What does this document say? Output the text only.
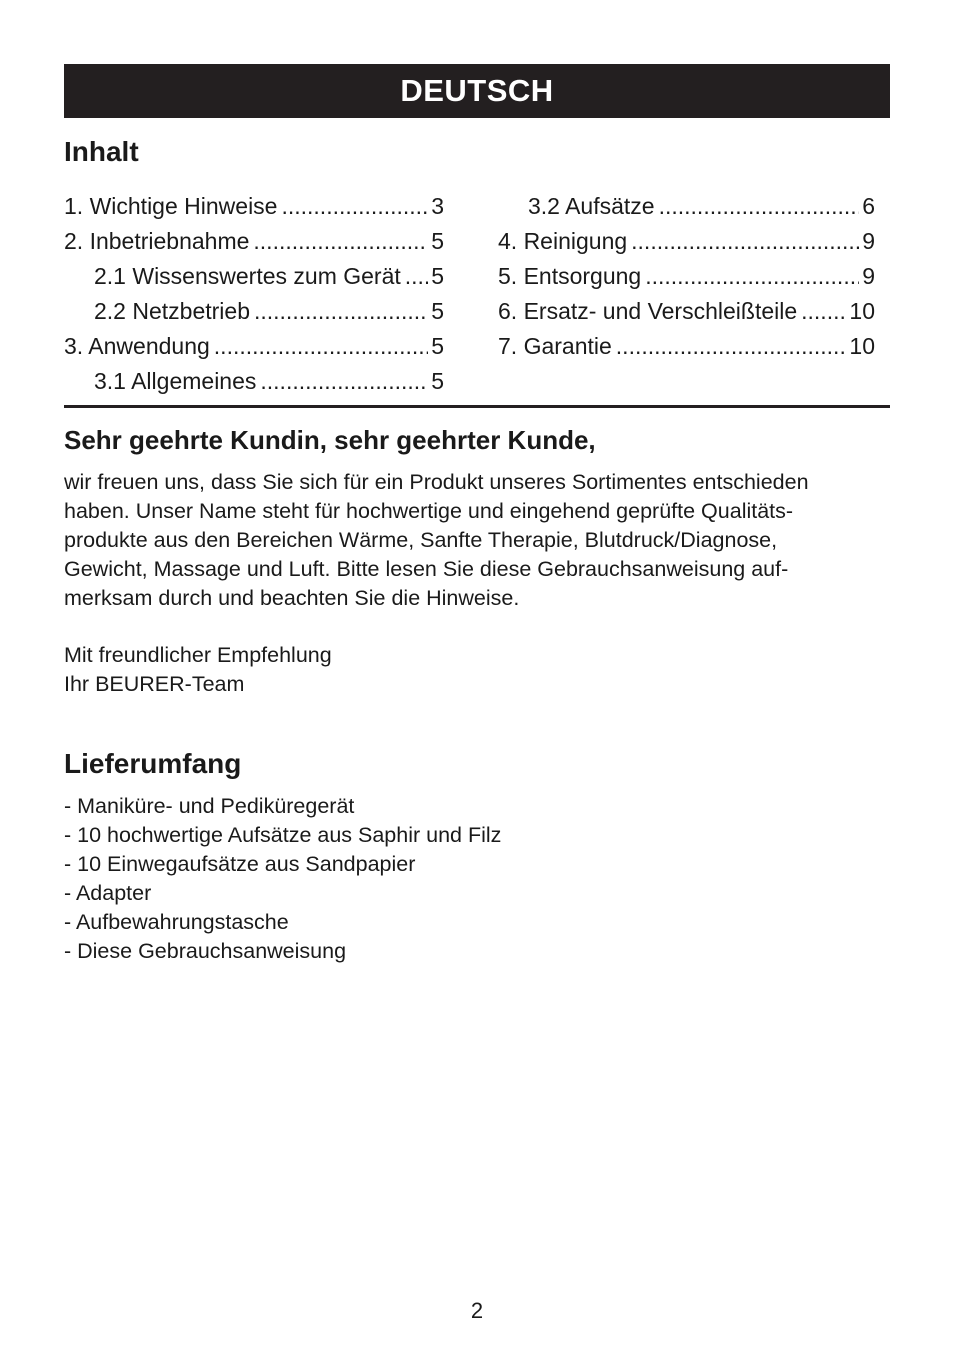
DEUTSCH
Inhalt
1. Wichtige Hinweise .....	3
2. Inbetriebnahme .....	5
2.1 Wissenswertes zum Gerät ..... 5
2.2 Netzbetrieb .....	5
3. Anwendung .....	5
3.1 Allgemeines .....	5
3.2 Aufsätze .....	6
4. Reinigung .....	9
5. Entsorgung .....	9
6. Ersatz- und Verschleißteile ..... 10
7. Garantie .....	10
Sehr geehrte Kundin, sehr geehrter Kunde,
wir freuen uns, dass Sie sich für ein Produkt unseres Sortimentes entschieden
haben. Unser Name steht für hochwertige und eingehend geprüfte Qualitäts-
produkte aus den Bereichen Wärme, Sanfte Therapie, Blutdruck/Diagnose,
Gewicht, Massage und Luft. Bitte lesen Sie diese Gebrauchsanweisung auf-
merksam durch und beachten Sie die Hinweise.
Mit freundlicher Empfehlung
Ihr BEURER-Team
Lieferumfang
- Maniküre- und Pediküregerät
- 10 hochwertige Aufsätze aus Saphir und Filz
- 10 Einwegaufsätze aus Sandpapier
- Adapter
- Aufbewahrungstasche
- Diese Gebrauchsanweisung
2
